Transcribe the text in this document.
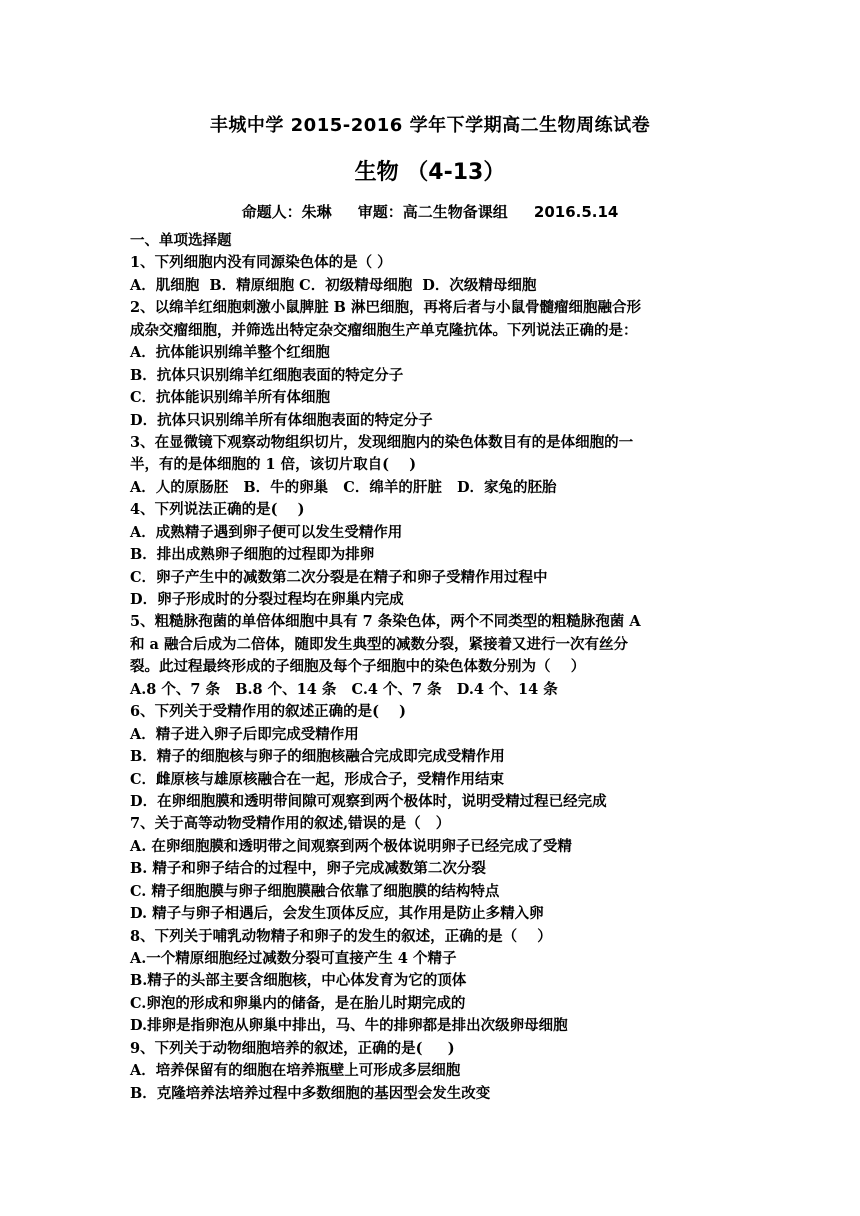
丰城中学 2015-2016 学年下学期高二生物周练试卷
生物 （4-13）
命题人：朱琳 审题：高二生物备课组 2016.5.14
一、单项选择题
1、下列细胞内没有同源染色体的是（ ）
A．肌细胞  B．精原细胞 C．初级精母细胞  D．次级精母细胞
2、以绵羊红细胞刺激小鼠脾脏 B 淋巴细胞，再将后者与小鼠骨髓瘤细胞融合形
成杂交瘤细胞，并筛选出特定杂交瘤细胞生产单克隆抗体。下列说法正确的是：
A．抗体能识别绵羊整个红细胞
B．抗体只识别绵羊红细胞表面的特定分子
C．抗体能识别绵羊所有体细胞
D．抗体只识别绵羊所有体细胞表面的特定分子
3、在显微镜下观察动物组织切片，发现细胞内的染色体数目有的是体细胞的一
半，有的是体细胞的 1 倍，该切片取自(    )
A．人的原肠胚   B．牛的卵巢   C．绵羊的肝脏   D．家兔的胚胎
4、下列说法正确的是(    )
A．成熟精子遇到卵子便可以发生受精作用
B．排出成熟卵子细胞的过程即为排卵
C．卵子产生中的减数第二次分裂是在精子和卵子受精作用过程中
D．卵子形成时的分裂过程均在卵巢内完成
5、粗糙脉孢菌的单倍体细胞中具有 7 条染色体，两个不同类型的粗糙脉孢菌 A
和 a 融合后成为二倍体，随即发生典型的减数分裂，紧接着又进行一次有丝分
裂。此过程最终形成的子细胞及每个子细胞中的染色体数分别为（    ）
A.8 个、7 条   B.8 个、14 条   C.4 个、7 条   D.4 个、14 条
6、下列关于受精作用的叙述正确的是(    )
A．精子进入卵子后即完成受精作用
B．精子的细胞核与卵子的细胞核融合完成即完成受精作用
C．雌原核与雄原核融合在一起，形成合子，受精作用结束
D．在卵细胞膜和透明带间隙可观察到两个极体时，说明受精过程已经完成
7、关于高等动物受精作用的叙述,错误的是（   ）
A. 在卵细胞膜和透明带之间观察到两个极体说明卵子已经完成了受精
B. 精子和卵子结合的过程中，卵子完成减数第二次分裂
C. 精子细胞膜与卵子细胞膜融合依靠了细胞膜的结构特点
D. 精子与卵子相遇后，会发生顶体反应，其作用是防止多精入卵
8、下列关于哺乳动物精子和卵子的发生的叙述，正确的是（    ）
A.一个精原细胞经过减数分裂可直接产生 4 个精子
B.精子的头部主要含细胞核，中心体发育为它的顶体
C.卵泡的形成和卵巢内的储备，是在胎儿时期完成的
D.排卵是指卵泡从卵巢中排出，马、牛的排卵都是排出次级卵母细胞
9、下列关于动物细胞培养的叙述，正确的是(     )
A．培养保留有的细胞在培养瓶壁上可形成多层细胞
B．克隆培养法培养过程中多数细胞的基因型会发生改变
